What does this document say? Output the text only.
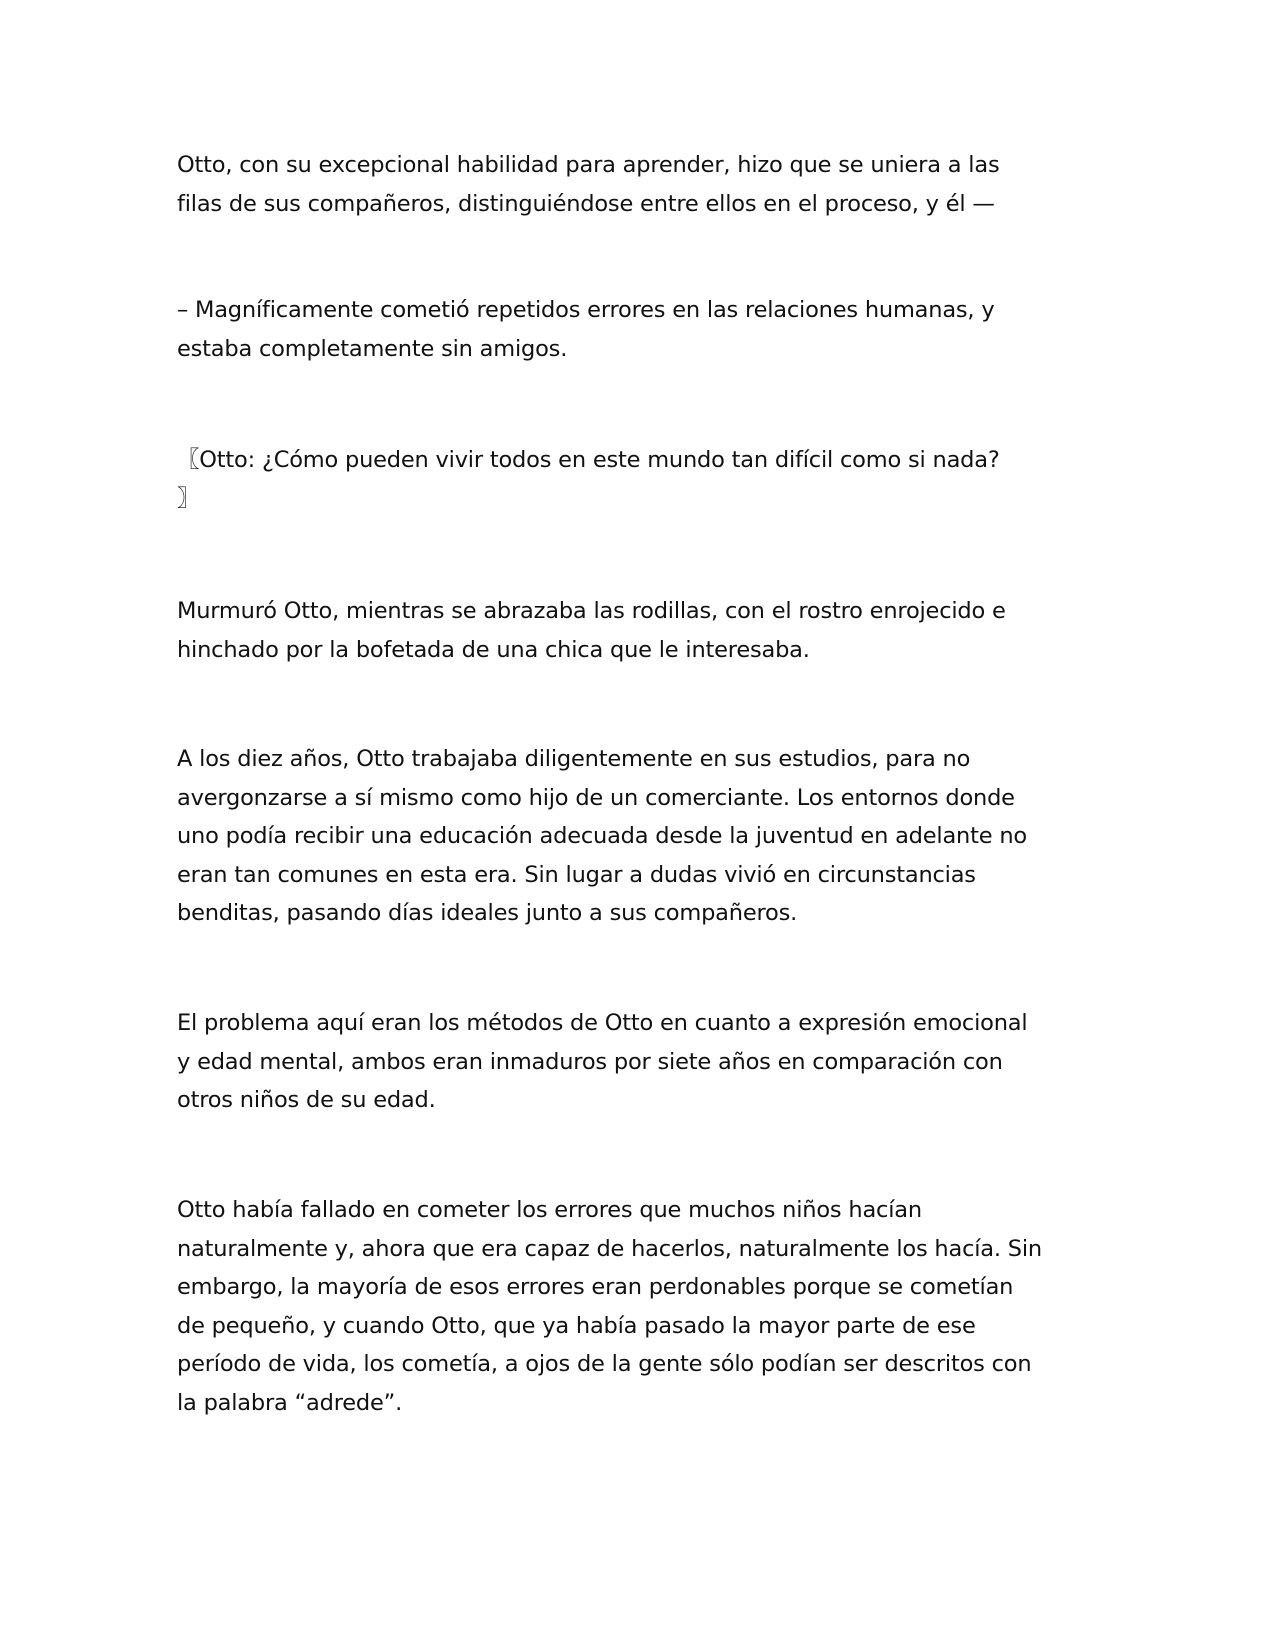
Otto, con su excepcional habilidad para aprender, hizo que se uniera a las
filas de sus compañeros, distinguiéndose entre ellos en el proceso, y él —

– Magníficamente cometió repetidos errores en las relaciones humanas, y
estaba completamente sin amigos.

〖Otto: ¿Cómo pueden vivir todos en este mundo tan difícil como si nada?
〗

Murmuró Otto, mientras se abrazaba las rodillas, con el rostro enrojecido e
hinchado por la bofetada de una chica que le interesaba.

A los diez años, Otto trabajaba diligentemente en sus estudios, para no
avergonzarse a sí mismo como hijo de un comerciante. Los entornos donde
uno podía recibir una educación adecuada desde la juventud en adelante no
eran tan comunes en esta era. Sin lugar a dudas vivió en circunstancias
benditas, pasando días ideales junto a sus compañeros.

El problema aquí eran los métodos de Otto en cuanto a expresión emocional
y edad mental, ambos eran inmaduros por siete años en comparación con
otros niños de su edad.

Otto había fallado en cometer los errores que muchos niños hacían
naturalmente y, ahora que era capaz de hacerlos, naturalmente los hacía. Sin
embargo, la mayoría de esos errores eran perdonables porque se cometían
de pequeño, y cuando Otto, que ya había pasado la mayor parte de ese
período de vida, los cometía, a ojos de la gente sólo podían ser descritos con
la palabra “adrede”.
